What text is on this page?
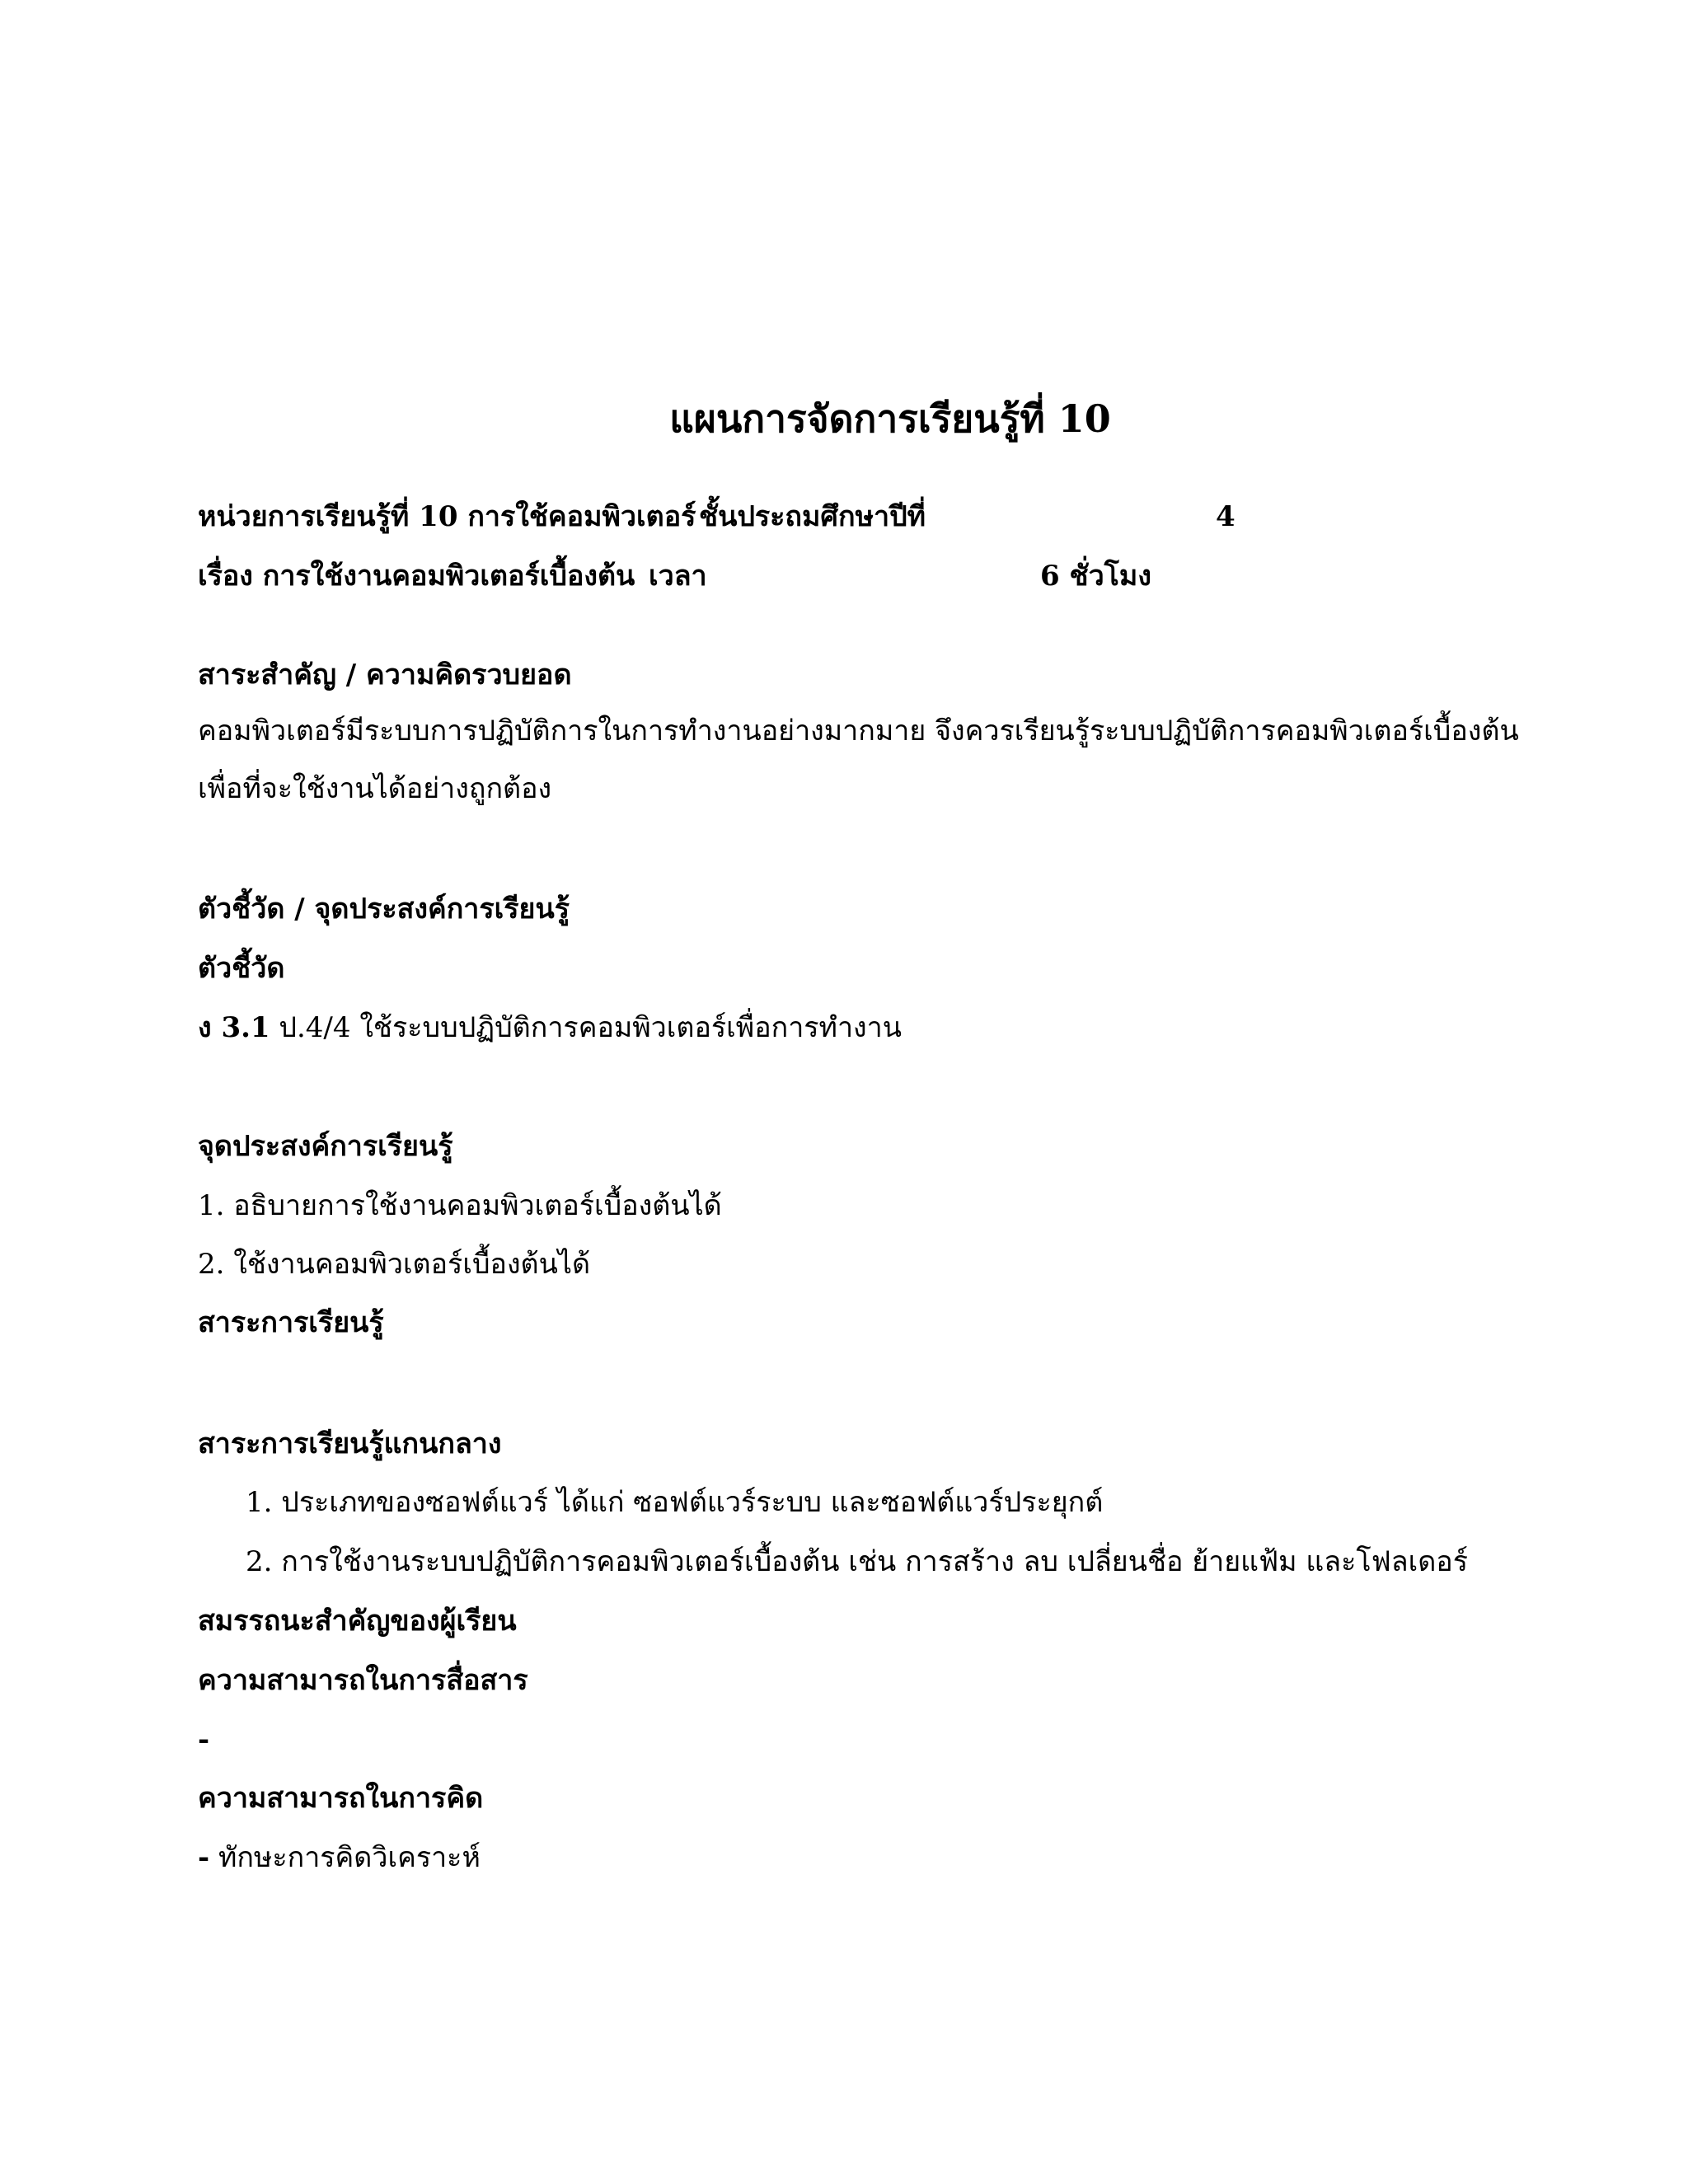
แผนการจัดการเรียนรู้ที่ 10
หน่วยการเรียนรู้ที่ 10 การใช้คอมพิวเตอร์ ชั้นประถมศึกษาปีที่	4
เรื่อง การใช้งานคอมพิวเตอร์เบื้องต้น เวลา	6 ชั่วโมง
สาระสำคัญ / ความคิดรวบยอด
คอมพิวเตอร์มีระบบการปฏิบัติการในการทำงานอย่างมากมาย จึงควรเรียนรู้ระบบปฏิบัติการคอมพิวเตอร์เบื้องต้น
เพื่อที่จะใช้งานได้อย่างถูกต้อง
ตัวชี้วัด / จุดประสงค์การเรียนรู้
ตัวชี้วัด
ง 3.1 ป.4/4 ใช้ระบบปฏิบัติการคอมพิวเตอร์เพื่อการทำงาน
จุดประสงค์การเรียนรู้
1. อธิบายการใช้งานคอมพิวเตอร์เบื้องต้นได้
2. ใช้งานคอมพิวเตอร์เบื้องต้นได้
สาระการเรียนรู้
สาระการเรียนรู้แกนกลาง
1. ประเภทของซอฟต์แวร์ ได้แก่ ซอฟต์แวร์ระบบ และซอฟต์แวร์ประยุกต์
2. การใช้งานระบบปฏิบัติการคอมพิวเตอร์เบื้องต้น เช่น การสร้าง ลบ เปลี่ยนชื่อ ย้ายแฟ้ม และโฟลเดอร์
สมรรถนะสำคัญของผู้เรียน
ความสามารถในการสื่อสาร
-
ความสามารถในการคิด
- ทักษะการคิดวิเคราะห์
